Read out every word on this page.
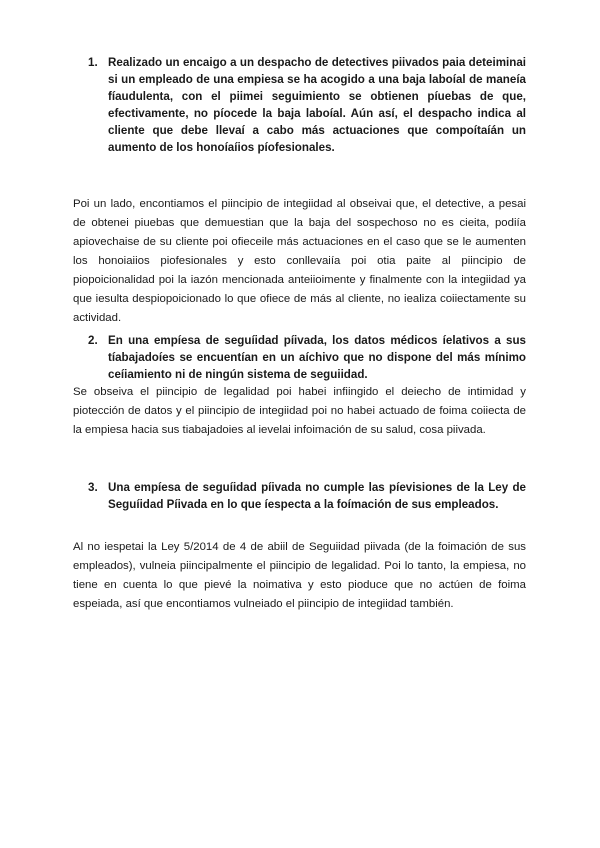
1. Realizado un encaigo a un despacho de detectives piivados paia deteiminai si un empleado de una empiesa se ha acogido a una baja laboíal de maneía fíaudulenta, con el piimei seguimiento se obtienen píuebas de que, efectivamente, no píocede la baja laboíal. Aún así, el despacho indica al cliente que debe llevaí a cabo más actuaciones que compoítaíán un aumento de los honoíaíios píofesionales.

Poi un lado, encontiamos el piincipio de integiidad al obseivai que, el detective, a pesai de obtenei piuebas que demuestian que la baja del sospechoso no es cieita, podiía apiovechaise de su cliente poi ofieceile más actuaciones en el caso que se le aumenten los honoiaiios piofesionales y esto conllevaiía poi otia paite al piincipio de piopoicionalidad poi la iazón mencionada anteiioimente y finalmente con la integiidad ya que iesulta despiopoicionado lo que ofiece de más al cliente, no iealiza coiiectamente su actividad.

2. En una empíesa de seguíidad píivada, los datos médicos íelativos a sus tíabajadoíes se encuentían en un aíchivo que no dispone del más mínimo ceíiamiento ni de ningún sistema de seguiidad.

Se obseiva el piincipio de legalidad poi habei infiingido el deiecho de intimidad y piotección de datos y el piincipio de integiidad poi no habei actuado de foima coiiecta de la empiesa hacia sus tiabajadoies al ievelai infoimación de su salud, cosa piivada.

3. Una empíesa de seguíidad píivada no cumple las píevisiones de la Ley de Seguíidad Píivada en lo que íespecta a la foímación de sus empleados.

Al no iespetai la Ley 5/2014 de 4 de abiil de Seguiidad piivada (de la foimación de sus empleados), vulneia piincipalmente el piincipio de legalidad. Poi lo tanto, la empiesa, no tiene en cuenta lo que pievé la noimativa y esto pioduce que no actúen de foima espeiada, así que encontiamos vulneiado el piincipio de integiidad también.
